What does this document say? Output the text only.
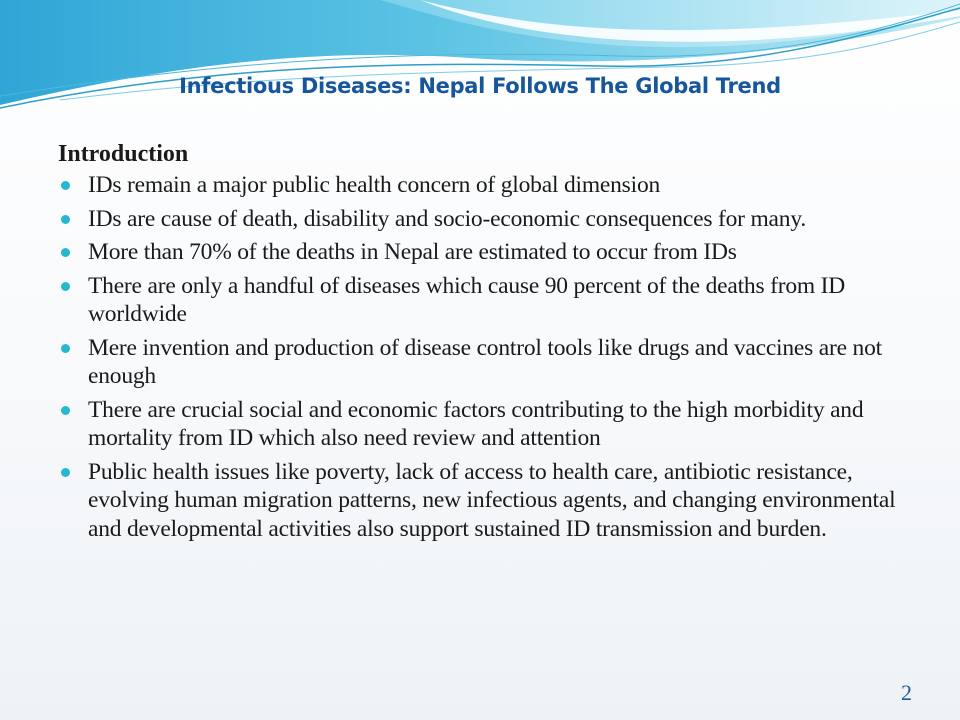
Infectious Diseases: Nepal Follows The Global Trend
Introduction
IDs remain a major public health concern of global dimension
IDs are cause of death, disability and socio-economic consequences for many.
More than 70% of the deaths in Nepal are estimated to occur from IDs
There are only a handful of diseases which cause 90 percent of the deaths from ID worldwide
Mere invention and production of disease control tools like drugs and vaccines are not enough
There are crucial social and economic factors contributing to the high morbidity and mortality from ID which also need review and attention
Public health issues like poverty, lack of access to health care, antibiotic resistance, evolving human migration patterns, new infectious agents, and changing environmental and developmental activities also support sustained ID transmission and burden.
2
